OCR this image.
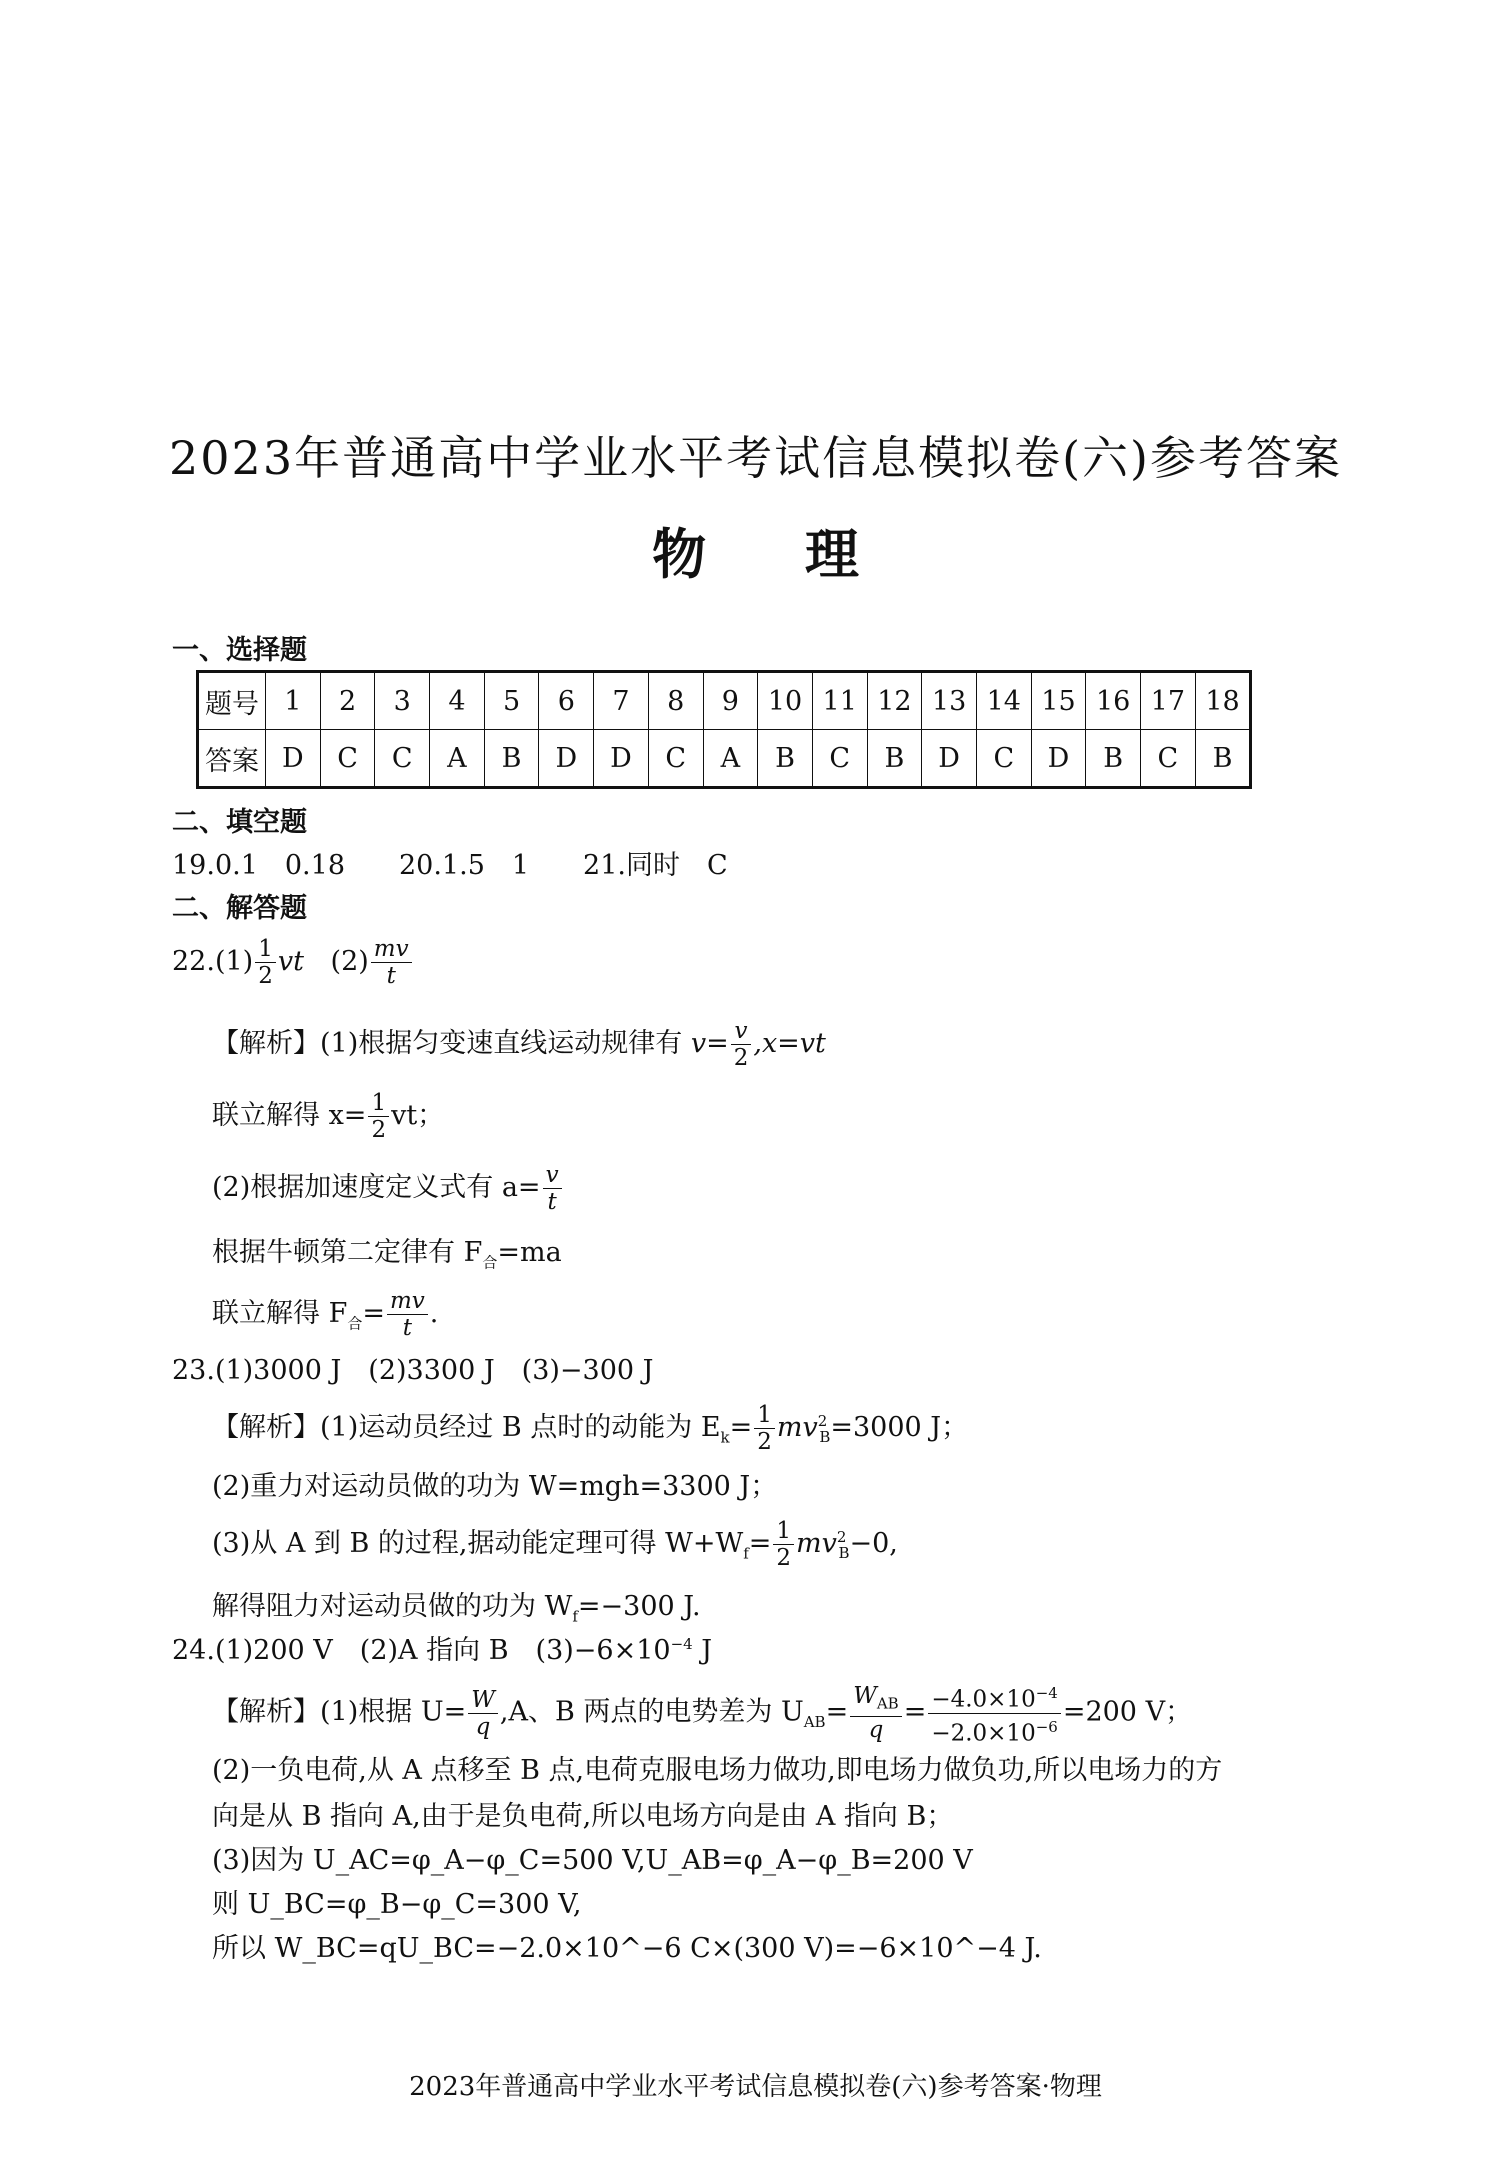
2023年普通高中学业水平考试信息模拟卷(六)参考答案
物 理
一、选择题
题号	1	2	3	4	5	6	7	8	9	10	11	12	13	14	15	16	17	18
答案	D	C	C	A	B	D	D	C	A	B	C	B	D	C	D	B	C	B
二、填空题
19.0.1　0.18　　20.1.5　1　　21.同时　C
二、解答题
$22.(1) \frac{1}{2}$ vt $(2) \frac{mv}{t}$
【解析】(1)根据匀变速直线运动规律有 $v= \frac{v}{2} ,x=vt$
联立解得 $x= \frac{1}{2}$ vt；
(2)根据加速度定义式有 $a= \frac{v}{t}$
根据牛顿第二定律有 $F_合=ma$
联立解得 $F_合= \frac{mv}{t}$ .
23.(1)3000 J　(2)3300 J　(3)−300 J
【解析】(1)运动员经过 B 点时的动能为 $E_k= \frac{1}{2} mv^2_B=3000$ J；
(2)重力对运动员做的功为 W=mgh=3300 J；
(3)从 A 到 B 的过程,据动能定理可得 $W+W_f= \frac{1}{2} mv^2_B-0$,
解得阻力对运动员做的功为 $W_f=-300$ J.
24.(1)200 V　(2)A 指向 B　$(3)-6\times 10^{-4}$ J
【解析】(1)根据 $U= \frac{W}{q} ,A$、B 两点的电势差为 $U_{AB}=$
$W_{AB}$
q
= $\frac{-4.0\times 10^{-4}}{-2.0\times 10^{-6}} =200$ V；
(2)一负电荷,从 A 点移至 B 点,电荷克服电场力做功,即电场力做负功,所以电场力的方
向是从 B 指向 A,由于是负电荷,所以电场方向是由 A 指向 B；
(3)因为 U_AC=φ_A−φ_C=500 V,U_AB=φ_A−φ_B=200 V
则 U_BC=φ_B−φ_C=300 V,
所以 W_BC=qU_BC=−2.0×10^−6 C×(300 V)=−6×10^−4 J.
2023年普通高中学业水平考试信息模拟卷(六)参考答案·物理
